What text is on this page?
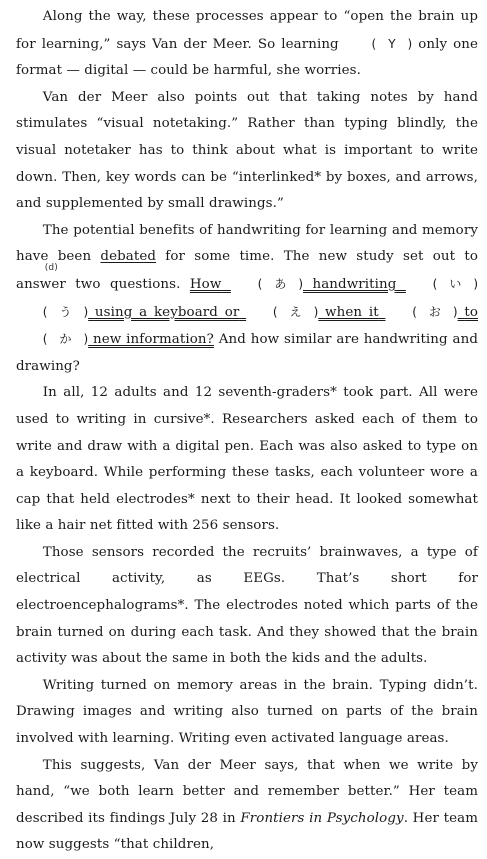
Along the way, these processes appear to “open the brain up for learning,” says Van der Meer. So learning	( Y ) only one format — digital — could be harmful, she worries.

Van der Meer also points out that taking notes by hand stimulates “visual notetaking.” Rather than typing blindly, the visual notetaker has to think about what is important to write down. Then, key words can be “interlinked* by boxes, and arrows, and supplemented by small drawings.”

The potential benefits of handwriting for learning and memory have been debated for some time. The new study set out to answer two questions.
(d)
How	( あ ) handwriting	( い )( う ) using a keyboard or	( え ) when it	( お ) to ( か ) new information? And how similar are handwriting and drawing?

In all, 12 adults and 12 seventh-graders* took part. All were used to writing in cursive*. Researchers asked each of them to write and draw with a digital pen. Each was also asked to type on a keyboard. While performing these tasks, each volunteer wore a cap that held electrodes* next to their head. It looked somewhat like a hair net fitted with 256 sensors.

Those sensors recorded the recruits’ brainwaves, a type of electrical activity, as EEGs. That’s short for electroencephalograms*. The electrodes noted which parts of the brain turned on during each task. And they showed that the brain activity was about the same in both the kids and the adults.

Writing turned on memory areas in the brain. Typing didn’t. Drawing images and writing also turned on parts of the brain involved with learning. Writing even activated language areas.

This suggests, Van der Meer says, that when we write by hand, “we both learn better and remember better.” Her team described its findings July 28 in Frontiers in Psychology. Her team now suggests “that children,
